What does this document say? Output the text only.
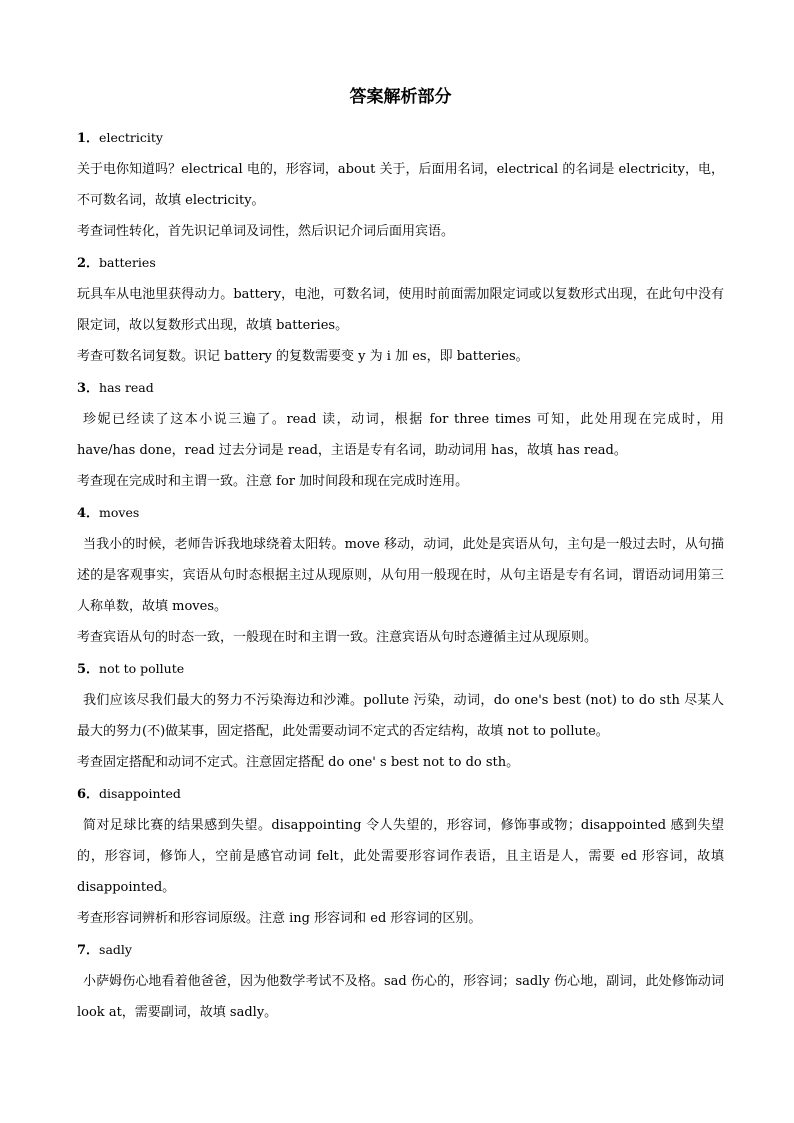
答案解析部分

1．electricity

关于电你知道吗？electrical 电的，形容词，about 关于，后面用名词，electrical 的名词是 electricity，电，不可数名词，故填 electricity。

考查词性转化，首先识记单词及词性，然后识记介词后面用宾语。

2．batteries

玩具车从电池里获得动力。battery，电池，可数名词，使用时前面需加限定词或以复数形式出现，在此句中没有限定词，故以复数形式出现，故填 batteries。

考查可数名词复数。识记 battery 的复数需要变 y 为 i 加 es，即 batteries。

3．has read

珍妮已经读了这本小说三遍了。read 读，动词，根据 for three times 可知，此处用现在完成时，用 have/has done，read 过去分词是 read，主语是专有名词，助动词用 has，故填 has read。

考查现在完成时和主谓一致。注意 for 加时间段和现在完成时连用。

4．moves

当我小的时候，老师告诉我地球绕着太阳转。move 移动，动词，此处是宾语从句，主句是一般过去时，从句描述的是客观事实，宾语从句时态根据主过从现原则，从句用一般现在时，从句主语是专有名词，谓语动词用第三人称单数，故填 moves。

考查宾语从句的时态一致，一般现在时和主谓一致。注意宾语从句时态遵循主过从现原则。

5．not to pollute

我们应该尽我们最大的努力不污染海边和沙滩。pollute 污染，动词，do one's best (not) to do sth 尽某人最大的努力(不)做某事，固定搭配，此处需要动词不定式的否定结构，故填 not to pollute。

考查固定搭配和动词不定式。注意固定搭配 do one' s best not to do sth。

6．disappointed

简对足球比赛的结果感到失望。disappointing 令人失望的，形容词，修饰事或物；disappointed 感到失望的，形容词，修饰人，空前是感官动词 felt，此处需要形容词作表语，且主语是人，需要 ed 形容词，故填 disappointed。

考查形容词辨析和形容词原级。注意 ing 形容词和 ed 形容词的区别。

7．sadly

小萨姆伤心地看着他爸爸，因为他数学考试不及格。sad 伤心的，形容词；sadly 伤心地，副词，此处修饰动词 look at，需要副词，故填 sadly。
